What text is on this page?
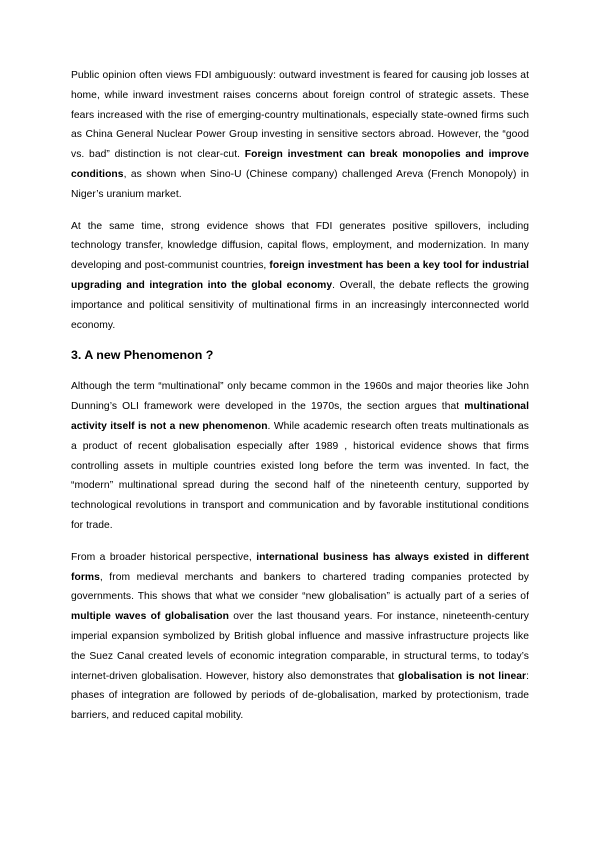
Public opinion often views FDI ambiguously: outward investment is feared for causing job losses at home, while inward investment raises concerns about foreign control of strategic assets. These fears increased with the rise of emerging-country multinationals, especially state-owned firms such as China General Nuclear Power Group investing in sensitive sectors abroad. However, the “good vs. bad” distinction is not clear-cut. Foreign investment can break monopolies and improve conditions, as shown when Sino-U (Chinese company) challenged Areva (French Monopoly) in Niger’s uranium market.

At the same time, strong evidence shows that FDI generates positive spillovers, including technology transfer, knowledge diffusion, capital flows, employment, and modernization. In many developing and post-communist countries, foreign investment has been a key tool for industrial upgrading and integration into the global economy. Overall, the debate reflects the growing importance and political sensitivity of multinational firms in an increasingly interconnected world economy.

3. A new Phenomenon ?

Although the term “multinational” only became common in the 1960s and major theories like John Dunning’s OLI framework were developed in the 1970s, the section argues that multinational activity itself is not a new phenomenon. While academic research often treats multinationals as a product of recent globalisation especially after 1989 , historical evidence shows that firms controlling assets in multiple countries existed long before the term was invented. In fact, the “modern” multinational spread during the second half of the nineteenth century, supported by technological revolutions in transport and communication and by favorable institutional conditions for trade.

From a broader historical perspective, international business has always existed in different forms, from medieval merchants and bankers to chartered trading companies protected by governments. This shows that what we consider “new globalisation” is actually part of a series of multiple waves of globalisation over the last thousand years. For instance, nineteenth-century imperial expansion symbolized by British global influence and massive infrastructure projects like the Suez Canal created levels of economic integration comparable, in structural terms, to today’s internet-driven globalisation. However, history also demonstrates that globalisation is not linear: phases of integration are followed by periods of de-globalisation, marked by protectionism, trade barriers, and reduced capital mobility.
